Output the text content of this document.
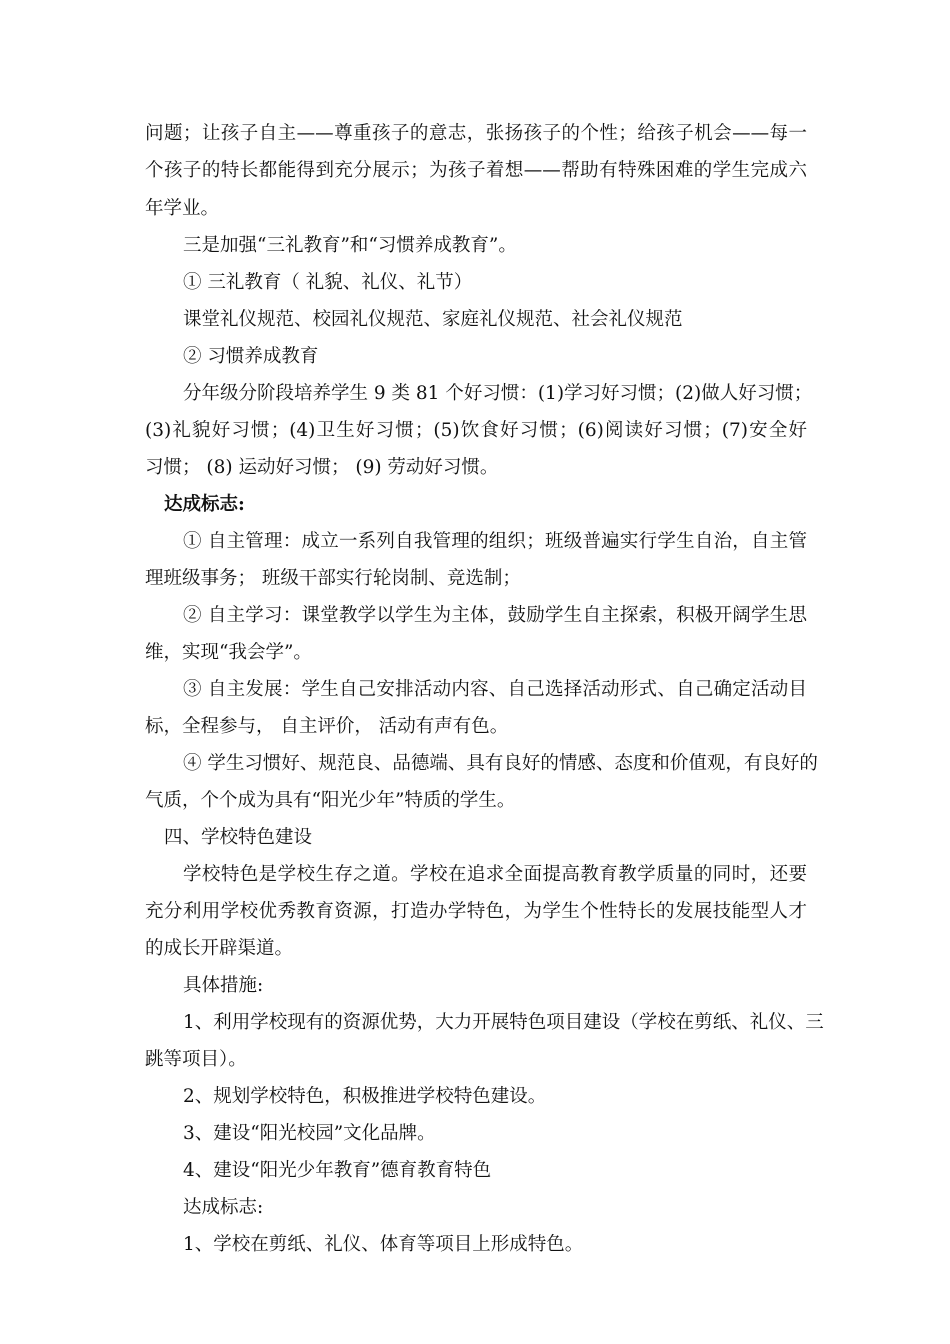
问题；让孩子自主——尊重孩子的意志，张扬孩子的个性；给孩子机会——每一
个孩子的特长都能得到充分展示；为孩子着想——帮助有特殊困难的学生完成六
年学业。
三是加强“三礼教育”和“习惯养成教育”。
① 三礼教育（ 礼貌、礼仪、礼节）
课堂礼仪规范、校园礼仪规范、家庭礼仪规范、社会礼仪规范
② 习惯养成教育
分年级分阶段培养学生 9 类 81 个好习惯：(1)学习好习惯；(2)做人好习惯；
(3)礼貌好习惯；(4)卫生好习惯；(5)饮食好习惯；(6)阅读好习惯；(7)安全好
习惯； (8) 运动好习惯； (9) 劳动好习惯。
达成标志:
① 自主管理：成立一系列自我管理的组织；班级普遍实行学生自治，自主管
理班级事务； 班级干部实行轮岗制、竞选制；
② 自主学习：课堂教学以学生为主体，鼓励学生自主探索，积极开阔学生思
维，实现“我会学”。
③ 自主发展：学生自己安排活动内容、自己选择活动形式、自己确定活动目
标，全程参与， 自主评价， 活动有声有色。
④ 学生习惯好、规范良、品德端、具有良好的情感、态度和价值观，有良好的
气质，个个成为具有“阳光少年”特质的学生。
四、学校特色建设
学校特色是学校生存之道。学校在追求全面提高教育教学质量的同时，还要
充分利用学校优秀教育资源，打造办学特色，为学生个性特长的发展技能型人才
的成长开辟渠道。
具体措施:
1、利用学校现有的资源优势，大力开展特色项目建设（学校在剪纸、礼仪、三
跳等项目）。
2、规划学校特色，积极推进学校特色建设。
3、建设“阳光校园”文化品牌。
4、建设“阳光少年教育”德育教育特色
达成标志:
1、学校在剪纸、礼仪、体育等项目上形成特色。
